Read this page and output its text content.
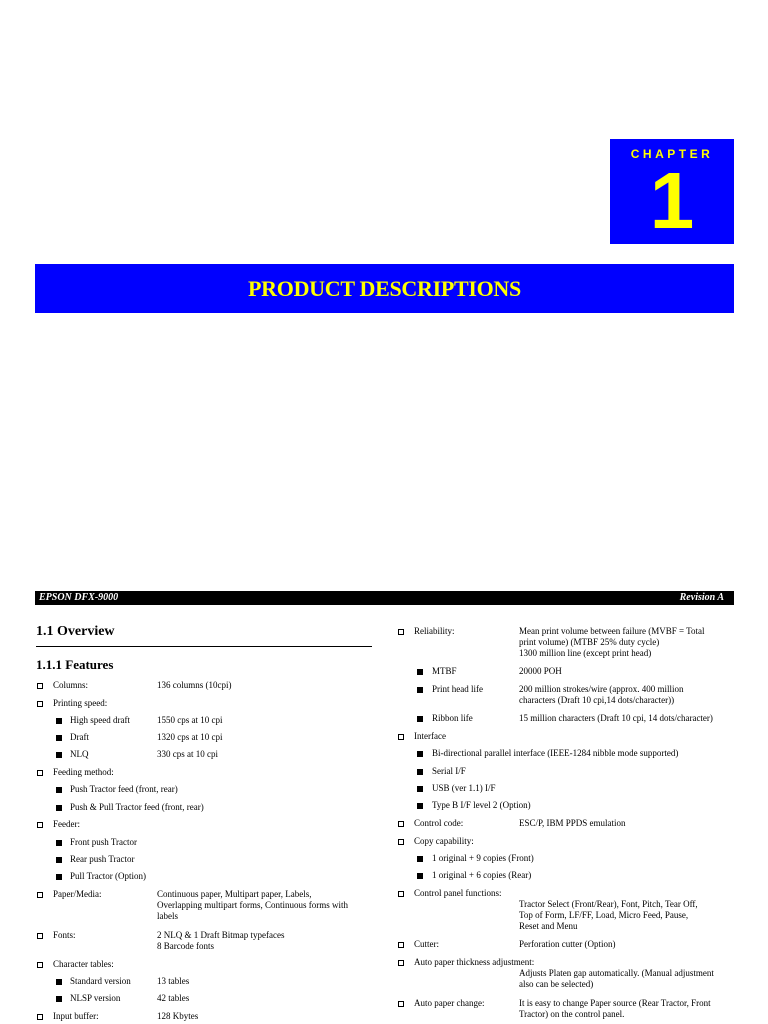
CHAPTER
1
PRODUCT DESCRIPTIONS
EPSON DFX-9000	Revision A
1.1 Overview
1.1.1 Features
Columns:	136 columns (10cpi)
Printing speed:
High speed draft	1550 cps at 10 cpi
Draft	1320 cps at 10 cpi
NLQ	330 cps at 10 cpi
Feeding method:
Push Tractor feed (front, rear)
Push & Pull Tractor feed (front, rear)
Feeder:
Front push Tractor
Rear push Tractor
Pull Tractor (Option)
Paper/Media:	Continuous paper, Multipart paper, Labels,
Overlapping multipart forms, Continuous forms with
labels
Fonts:	2 NLQ & 1 Draft Bitmap typefaces
8 Barcode fonts
Character tables:
Standard version	13 tables
NLSP version	42 tables
Input buffer:	128 Kbytes
Reliability:	Mean print volume between failure (MVBF = Total
print volume) (MTBF 25% duty cycle)
1300 million line (except print head)
MTBF	20000 POH
Print head life	200 million strokes/wire (approx. 400 million
characters (Draft 10 cpi,14 dots/character))
Ribbon life	15 million characters (Draft 10 cpi, 14 dots/character)
Interface
Bi-directional parallel interface (IEEE-1284 nibble mode supported)
Serial I/F
USB (ver 1.1) I/F
Type B I/F level 2 (Option)
Control code:	ESC/P, IBM PPDS emulation
Copy capability:
1 original + 9 copies (Front)
1 original + 6 copies (Rear)
Control panel functions:
Tractor Select (Front/Rear), Font, Pitch, Tear Off,
Top of Form, LF/FF, Load, Micro Feed, Pause,
Reset and Menu
Cutter:	Perforation cutter (Option)
Auto paper thickness adjustment:
Adjusts Platen gap automatically. (Manual adjustment
also can be selected)
Auto paper change:	It is easy to change Paper source (Rear Tractor, Front
Tractor) on the control panel.
